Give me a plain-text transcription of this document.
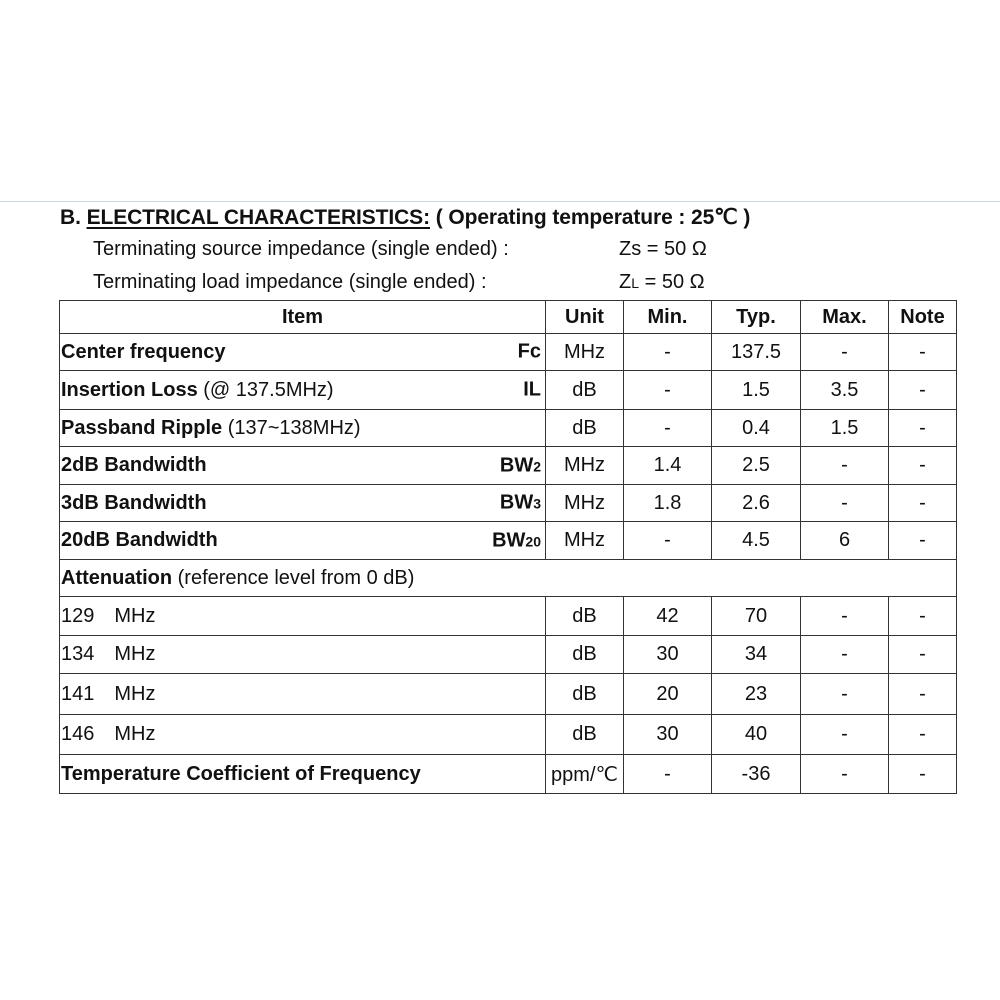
B. ELECTRICAL CHARACTERISTICS: ( Operating temperature : 25℃ )
Terminating source impedance (single ended) :	Zs = 50 Ω
Terminating load impedance (single ended) :	ZL = 50 Ω
Item	Unit	Min.	Typ.	Max.	Note
Center frequency Fc	MHz	-	137.5	-	-
Insertion Loss (@ 137.5MHz) IL	dB	-	1.5	3.5	-
Passband Ripple (137~138MHz)	dB	-	0.4	1.5	-
2dB Bandwidth BW2	MHz	1.4	2.5	-	-
3dB Bandwidth BW3	MHz	1.8	2.6	-	-
20dB Bandwidth BW20	MHz	-	4.5	6	-
Attenuation (reference level from 0 dB)					
129 MHz	dB	42	70	-	-
134 MHz	dB	30	34	-	-
141 MHz	dB	20	23	-	-
146 MHz	dB	30	40	-	-
Temperature Coefficient of Frequency	ppm/℃	-	-36	-	-
